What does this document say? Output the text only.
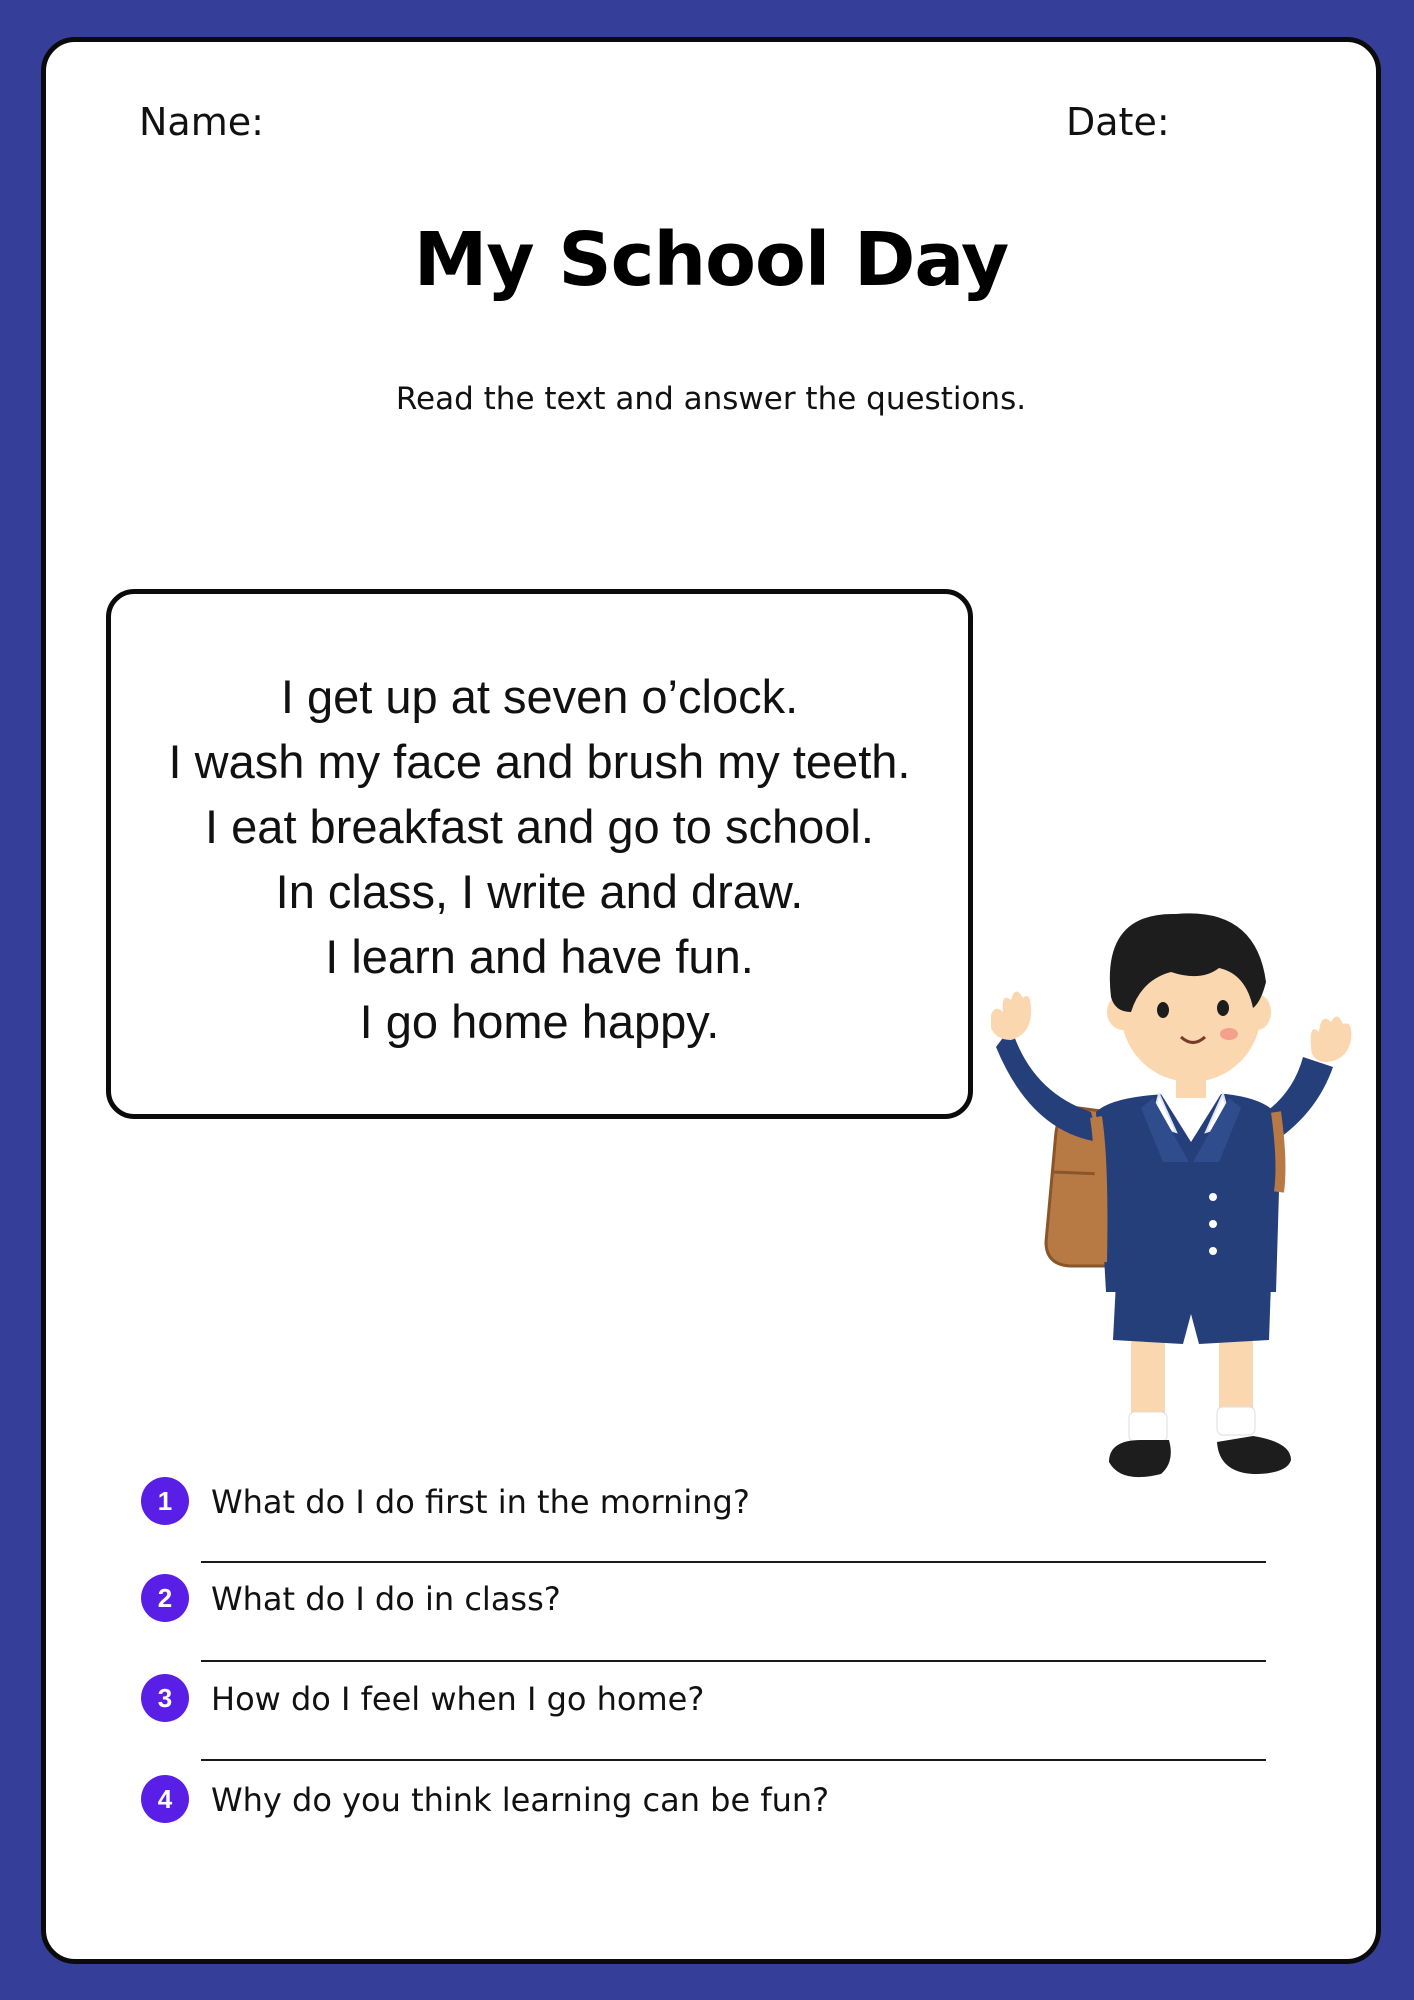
Name:	Date:
My School Day
Read the text and answer the questions.
I get up at seven o’clock.
I wash my face and brush my teeth.
I eat breakfast and go to school.
In class, I write and draw.
I learn and have fun.
I go home happy.
1	What do I do first in the morning?
2	What do I do in class?
3	How do I feel when I go home?
4	Why do you think learning can be fun?
